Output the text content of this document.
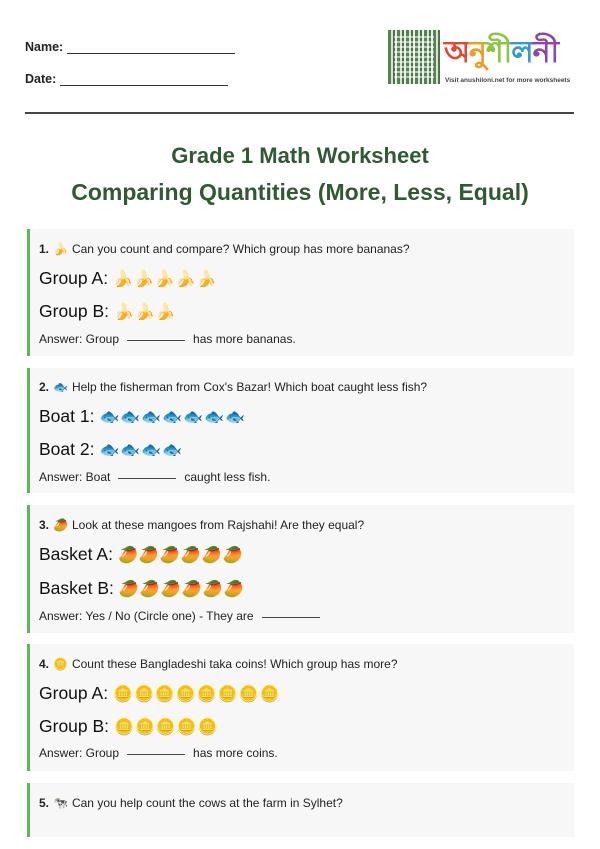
Name:
Date:
অনুশীলনী
Visit anushiloni.net for more worksheets
Grade 1 Math Worksheet
Comparing Quantities (More, Less, Equal)
1. 🍌 Can you count and compare? Which group has more bananas?
Group A: 🍌🍌🍌🍌🍌
Group B: 🍌🍌🍌
Answer: Group	has more bananas.
2. 🐟 Help the fisherman from Cox's Bazar! Which boat caught less fish?
Boat 1: 🐟🐟🐟🐟🐟🐟🐟
Boat 2: 🐟🐟🐟🐟
Answer: Boat	caught less fish.
3. 🥭 Look at these mangoes from Rajshahi! Are they equal?
Basket A: 🥭🥭🥭🥭🥭🥭
Basket B: 🥭🥭🥭🥭🥭🥭
Answer: Yes / No (Circle one) - They are
4. 🪙 Count these Bangladeshi taka coins! Which group has more?
Group A: 🪙🪙🪙🪙🪙🪙🪙🪙
Group B: 🪙🪙🪙🪙🪙
Answer: Group	has more coins.
5. 🐄 Can you help count the cows at the farm in Sylhet?
